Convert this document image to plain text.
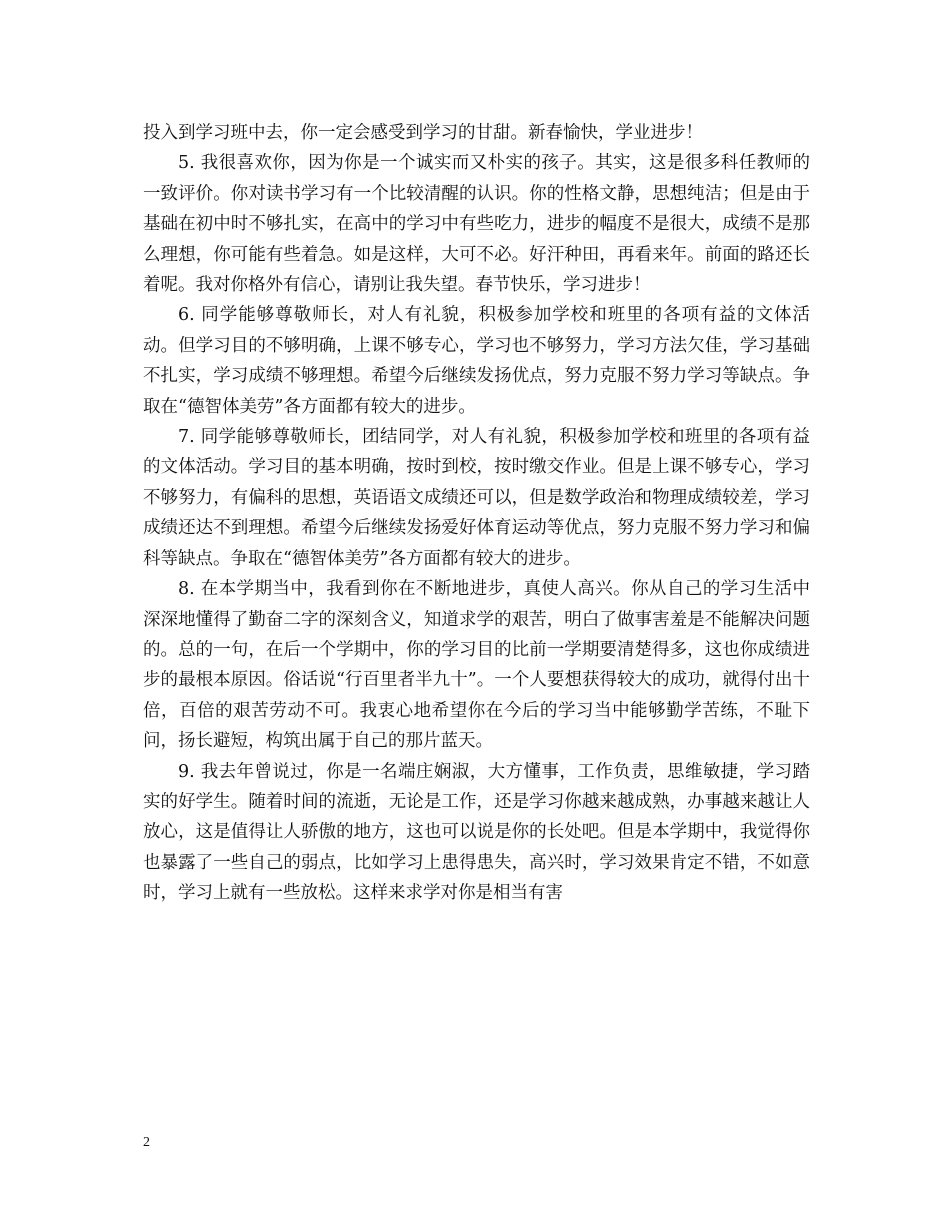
投入到学习班中去，你一定会感受到学习的甘甜。新春愉快，学业进步！

5. 我很喜欢你，因为你是一个诚实而又朴实的孩子。其实，这是很多科任教师的一致评价。你对读书学习有一个比较清醒的认识。你的性格文静，思想纯洁；但是由于基础在初中时不够扎实，在高中的学习中有些吃力，进步的幅度不是很大，成绩不是那么理想，你可能有些着急。如是这样，大可不必。好汗种田，再看来年。前面的路还长着呢。我对你格外有信心，请别让我失望。春节快乐，学习进步！

6. 同学能够尊敬师长，对人有礼貌，积极参加学校和班里的各项有益的文体活动。但学习目的不够明确，上课不够专心，学习也不够努力，学习方法欠佳，学习基础不扎实，学习成绩不够理想。希望今后继续发扬优点，努力克服不努力学习等缺点。争取在“德智体美劳”各方面都有较大的进步。

7. 同学能够尊敬师长，团结同学，对人有礼貌，积极参加学校和班里的各项有益的文体活动。学习目的基本明确，按时到校，按时缴交作业。但是上课不够专心，学习不够努力，有偏科的思想，英语语文成绩还可以，但是数学政治和物理成绩较差，学习成绩还达不到理想。希望今后继续发扬爱好体育运动等优点，努力克服不努力学习和偏科等缺点。争取在“德智体美劳”各方面都有较大的进步。

8. 在本学期当中，我看到你在不断地进步，真使人高兴。你从自己的学习生活中深深地懂得了勤奋二字的深刻含义，知道求学的艰苦，明白了做事害羞是不能解决问题的。总的一句，在后一个学期中，你的学习目的比前一学期要清楚得多，这也你成绩进步的最根本原因。俗话说“行百里者半九十”。一个人要想获得较大的成功，就得付出十倍，百倍的艰苦劳动不可。我衷心地希望你在今后的学习当中能够勤学苦练，不耻下问，扬长避短，构筑出属于自己的那片蓝天。

9. 我去年曾说过，你是一名端庄娴淑，大方懂事，工作负责，思维敏捷，学习踏实的好学生。随着时间的流逝，无论是工作，还是学习你越来越成熟，办事越来越让人放心，这是值得让人骄傲的地方，这也可以说是你的长处吧。但是本学期中，我觉得你也暴露了一些自己的弱点，比如学习上患得患失，高兴时，学习效果肯定不错，不如意时，学习上就有一些放松。这样来求学对你是相当有害

2
